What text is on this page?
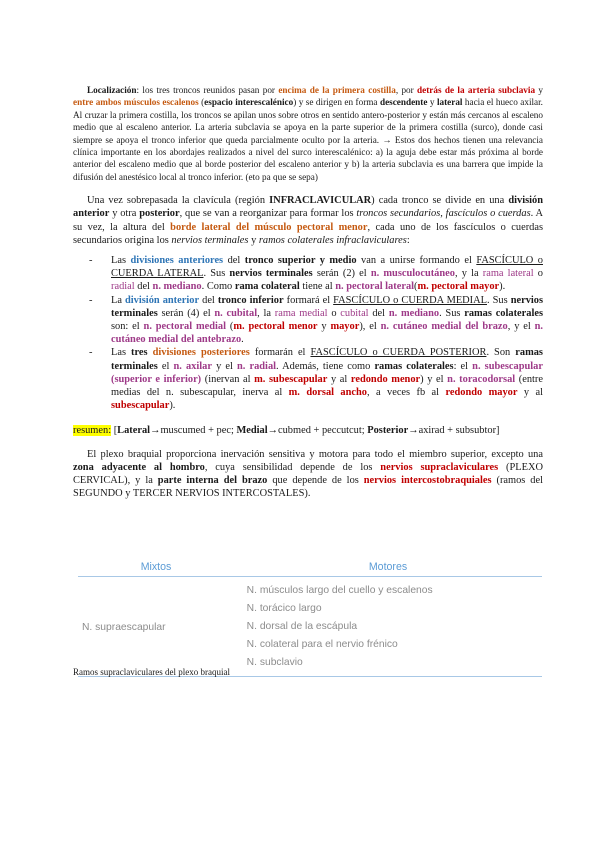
Localización: los tres troncos reunidos pasan por encima de la primera costilla, por detrás de la arteria subclavia y entre ambos músculos escalenos (espacio interescalénico) y se dirigen en forma descendente y lateral hacia el hueco axilar. Al cruzar la primera costilla, los troncos se apilan unos sobre otros en sentido antero-posterior y están más cercanos al escaleno medio que al escaleno anterior. La arteria subclavia se apoya en la parte superior de la primera costilla (surco), donde casi siempre se apoya el tronco inferior que queda parcialmente oculto por la arteria. → Estos dos hechos tienen una relevancia clínica importante en los abordajes realizados a nivel del surco interescalénico: a) la aguja debe estar más próxima al borde anterior del escaleno medio que al borde posterior del escaleno anterior y b) la arteria subclavia es una barrera que impide la difusión del anestésico local al tronco inferior. (eto pa que se sepa)

Una vez sobrepasada la clavícula (región INFRACLAVICULAR) cada tronco se divide en una división anterior y otra posterior, que se van a reorganizar para formar los troncos secundarios, fascículos o cuerdas. A su vez, la altura del borde lateral del músculo pectoral menor, cada uno de los fascículos o cuerdas secundarios origina los nervios terminales y ramos colaterales infraclaviculares:

- Las divisiones anteriores del tronco superior y medio van a unirse formando el FASCÍCULO o CUERDA LATERAL. Sus nervios terminales serán (2) el n. musculocutáneo, y la rama lateral o radial del n. mediano. Como rama colateral tiene al n. pectoral lateral(m. pectoral mayor).
- La división anterior del tronco inferior formará el FASCÍCULO o CUERDA MEDIAL. Sus nervios terminales serán (4) el n. cubital, la rama medial o cubital del n. mediano. Sus ramas colaterales son: el n. pectoral medial (m. pectoral menor y mayor), el n. cutáneo medial del brazo, y el n. cutáneo medial del antebrazo.
- Las tres divisiones posteriores formarán el FASCÍCULO o CUERDA POSTERIOR. Son ramas terminales el n. axilar y el n. radial. Además, tiene como ramas colaterales: el n. subescapular (superior e inferior) (inervan al m. subescapular y al redondo menor) y el n. toracodorsal (entre medias del n. subescapular, inerva al m. dorsal ancho, a veces fb al redondo mayor y al subescapular).

resumen: [Lateral→muscumed + pec; Medial→cubmed + peccutcut; Posterior→axirad + subsubtor]

El plexo braquial proporciona inervación sensitiva y motora para todo el miembro superior, excepto una zona adyacente al hombro, cuya sensibilidad depende de los nervios supraclaviculares (PLEXO CERVICAL), y la parte interna del brazo que depende de los nervios intercostobraquiales (ramos del SEGUNDO y TERCER NERVIOS INTERCOSTALES).

Mixtos	Motores
N. supraescapular
N. músculos largo del cuello y escalenos
N. torácico largo
N. dorsal de la escápula
N. colateral para el nervio frénico
N. subclavio
Ramos supraclaviculares del plexo braquial
